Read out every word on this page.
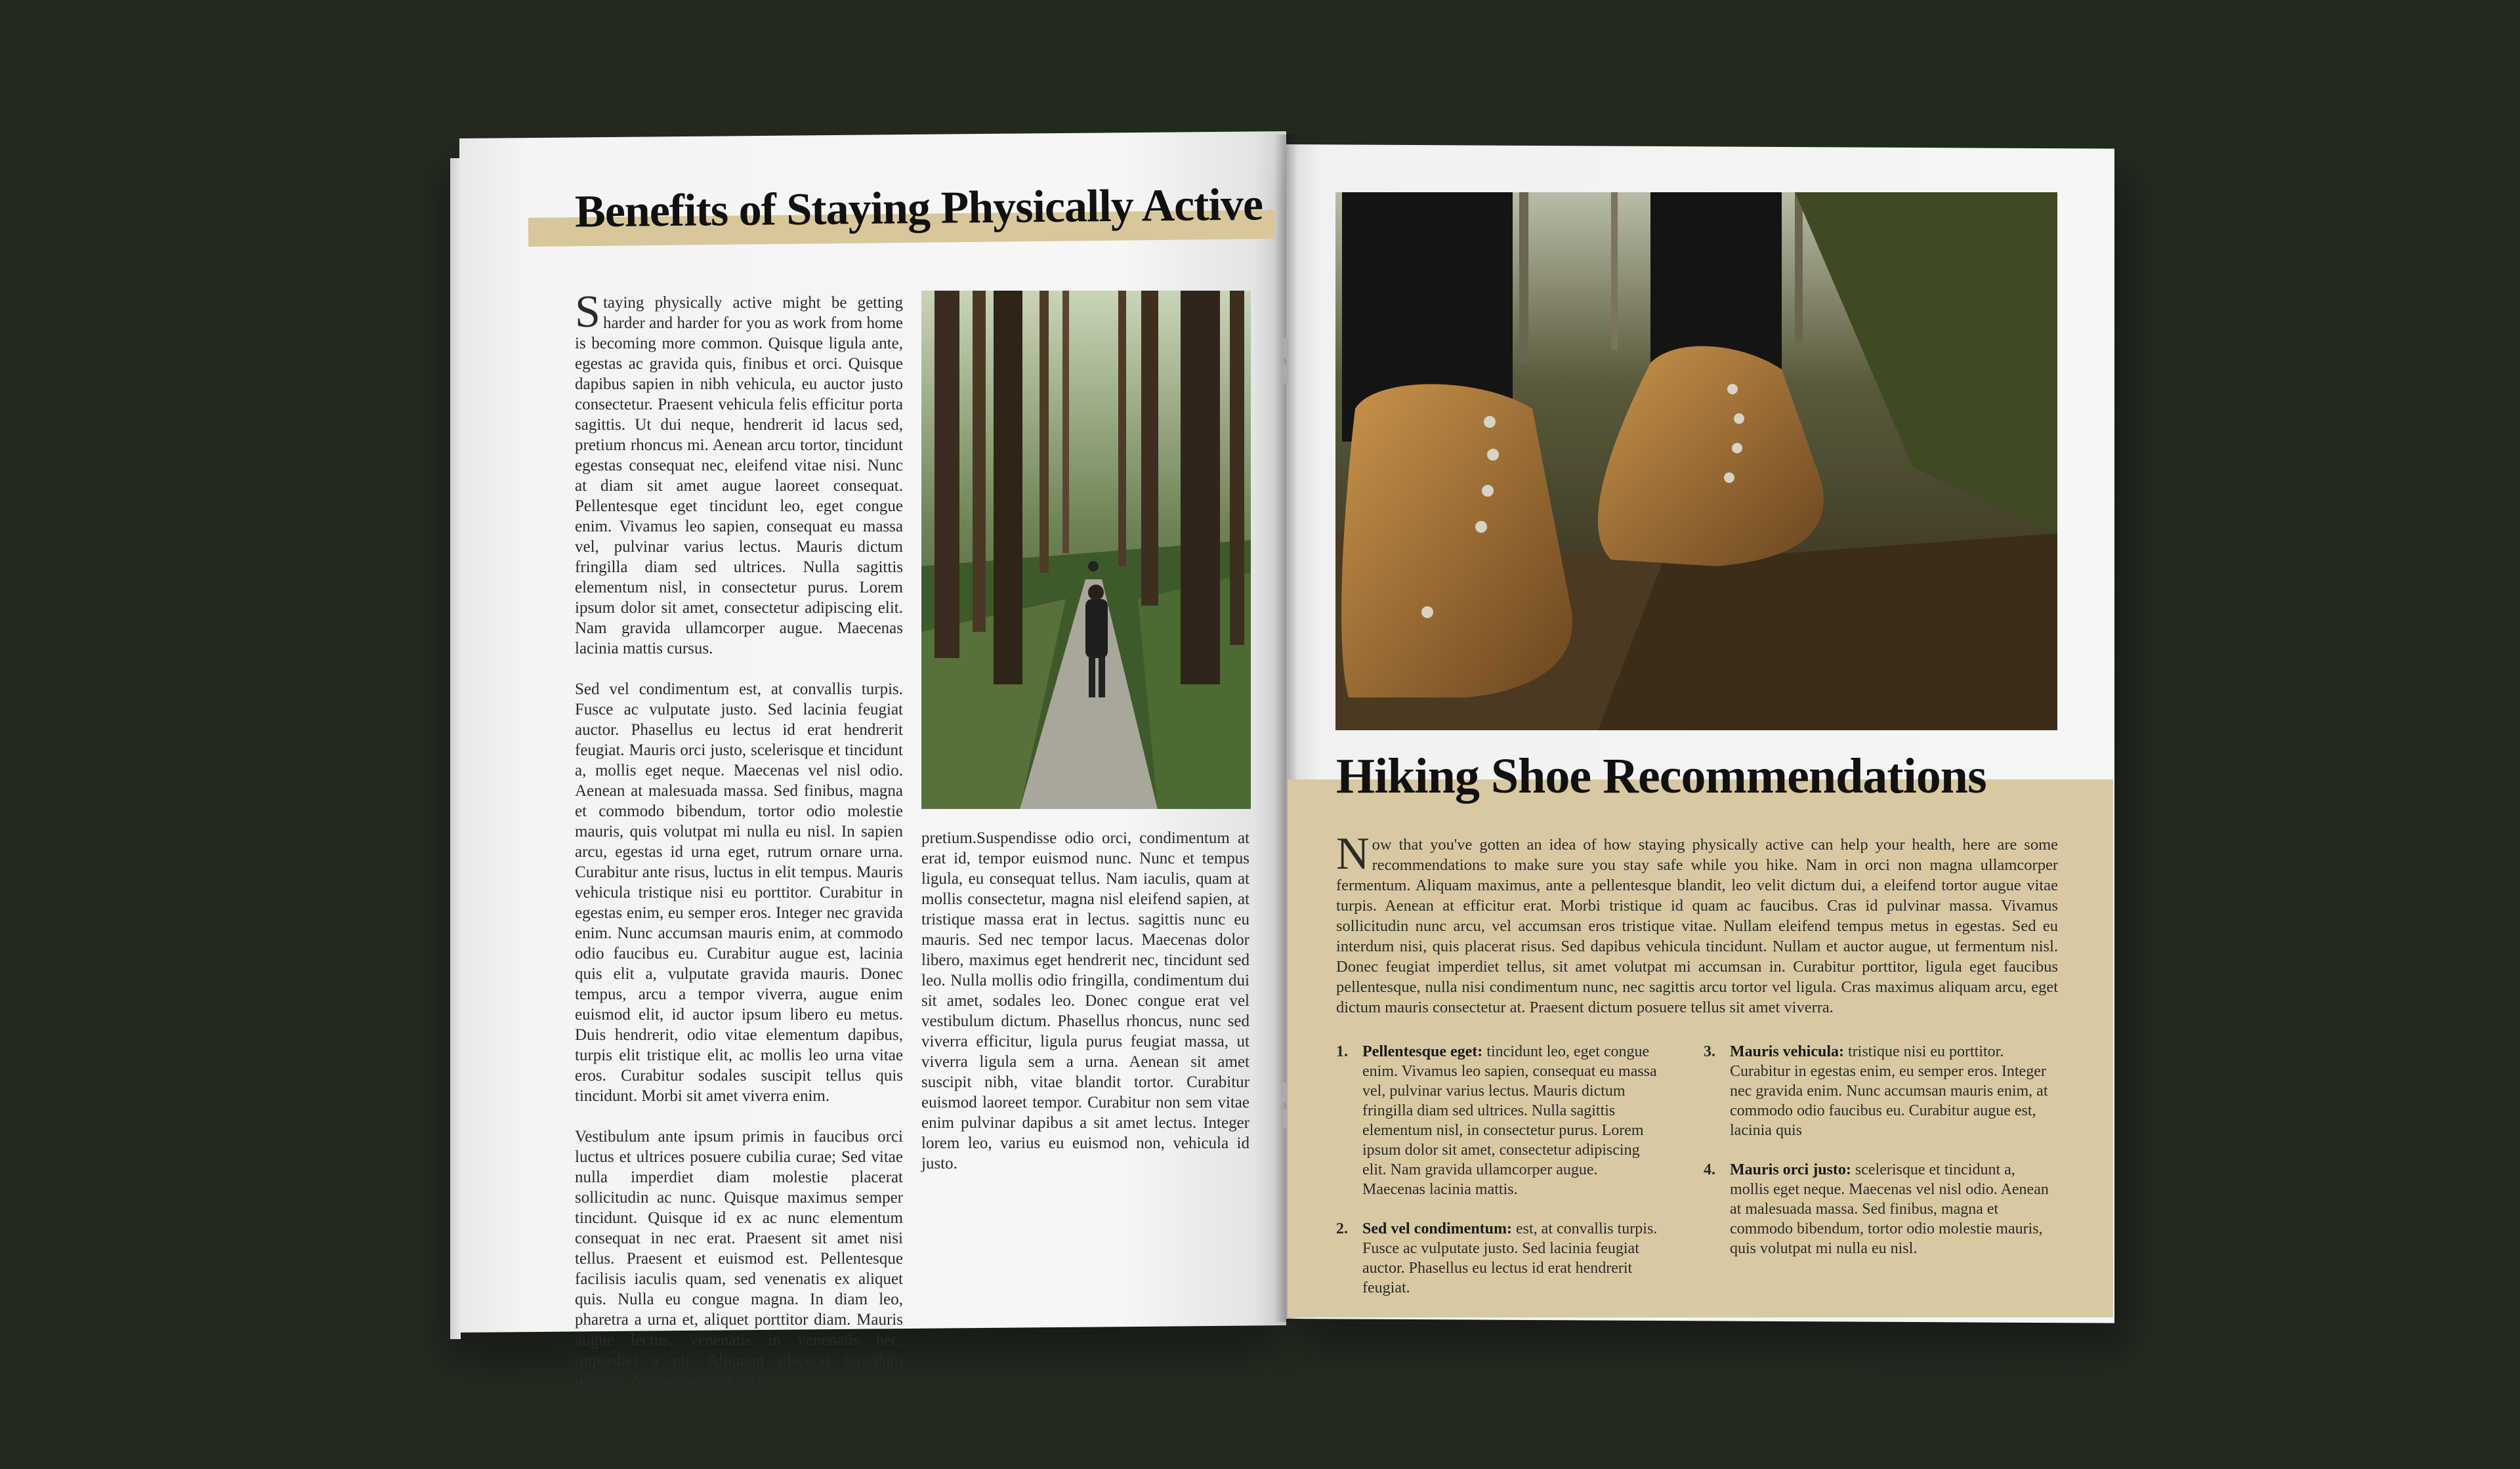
Benefits of Staying Physically Active

Staying physically active might be getting harder and harder for you as work from home is becoming more common. Quisque ligula ante, egestas ac gravida quis, finibus et orci. Quisque dapibus sapien in nibh vehicula, eu auctor justo consectetur. Praesent vehicula felis efficitur porta sagittis. Ut dui neque, hendrerit id lacus sed, pretium rhoncus mi. Aenean arcu tortor, tincidunt egestas consequat nec, eleifend vitae nisi. Nunc at diam sit amet augue laoreet consequat. Pellentesque eget tincidunt leo, eget congue enim. Vivamus leo sapien, consequat eu massa vel, pulvinar varius lectus. Mauris dictum fringilla diam sed ultrices. Nulla sagittis elementum nisl, in consectetur purus. Lorem ipsum dolor sit amet, consectetur adipiscing elit. Nam gravida ullamcorper augue. Maecenas lacinia mattis cursus.

Sed vel condimentum est, at convallis turpis. Fusce ac vulputate justo. Sed lacinia feugiat auctor. Phasellus eu lectus id erat hendrerit feugiat. Mauris orci justo, scelerisque et tincidunt a, mollis eget neque. Maecenas vel nisl odio. Aenean at malesuada massa. Sed finibus, magna et commodo bibendum, tortor odio molestie mauris, quis volutpat mi nulla eu nisl. In sapien arcu, egestas id urna eget, rutrum ornare urna. Curabitur ante risus, luctus in elit tempus. Mauris vehicula tristique nisi eu porttitor. Curabitur in egestas enim, eu semper eros. Integer nec gravida enim. Nunc accumsan mauris enim, at commodo odio faucibus eu. Curabitur augue est, lacinia quis elit a, vulputate gravida mauris. Donec tempus, arcu a tempor viverra, augue enim euismod elit, id auctor ipsum libero eu metus. Duis hendrerit, odio vitae elementum dapibus, turpis elit tristique elit, ac mollis leo urna vitae eros. Curabitur sodales suscipit tellus quis tincidunt. Morbi sit amet viverra enim.

Vestibulum ante ipsum primis in faucibus orci luctus et ultrices posuere cubilia curae; Sed vitae nulla imperdiet diam molestie placerat sollicitudin ac nunc. Quisque maximus semper tincidunt. Quisque id ex ac nunc elementum consequat in nec erat. Praesent sit amet nisi tellus. Praesent et euismod est. Pellentesque facilisis iaculis quam, sed venenatis ex aliquet quis. Nulla eu congue magna. In diam leo, pharetra a urna et, aliquet porttitor diam. Mauris augue lectus, venenatis in venenatis nec, imperdiet a mi. Aliquam placerat interdum ultrices. Aenean semper varius

pretium.Suspendisse odio orci, condimentum at erat id, tempor euismod nunc. Nunc et tempus ligula, eu consequat tellus. Nam iaculis, quam at mollis consectetur, magna nisl eleifend sapien, at tristique massa erat in lectus. sagittis nunc eu mauris. Sed nec tempor lacus. Maecenas dolor libero, maximus eget hendrerit nec, tincidunt sed leo. Nulla mollis odio fringilla, condimentum dui sit amet, sodales leo. Donec congue erat vel vestibulum dictum. Phasellus rhoncus, nunc sed viverra efficitur, ligula purus feugiat massa, ut viverra ligula sem a urna. Aenean sit amet suscipit nibh, vitae blandit tortor. Curabitur euismod laoreet tempor. Curabitur non sem vitae enim pulvinar dapibus a sit amet lectus. Integer lorem leo, varius eu euismod non, vehicula id justo.
Hiking Shoe Recommendations

Now that you've gotten an idea of how staying physically active can help your health, here are some recommendations to make sure you stay safe while you hike. Nam in orci non magna ullamcorper fermentum. Aliquam maximus, ante a pellentesque blandit, leo velit dictum dui, a eleifend tortor augue vitae turpis. Aenean at efficitur erat. Morbi tristique id quam ac faucibus. Cras id pulvinar massa. Vivamus sollicitudin nunc arcu, vel accumsan eros tristique vitae. Nullam eleifend tempus metus in egestas. Sed eu interdum nisi, quis placerat risus. Sed dapibus vehicula tincidunt. Nullam et auctor augue, ut fermentum nisl. Donec feugiat imperdiet tellus, sit amet volutpat mi accumsan in. Curabitur porttitor, ligula eget faucibus pellentesque, nulla nisi condimentum nunc, nec sagittis arcu tortor vel ligula. Cras maximus aliquam arcu, eget dictum mauris consectetur at. Praesent dictum posuere tellus sit amet viverra.

1. Pellentesque eget: tincidunt leo, eget congue enim. Vivamus leo sapien, consequat eu massa vel, pulvinar varius lectus. Mauris dictum fringilla diam sed ultrices. Nulla sagittis elementum nisl, in consectetur purus. Lorem ipsum dolor sit amet, consectetur adipiscing elit. Nam gravida ullamcorper augue. Maecenas lacinia mattis.
2. Sed vel condimentum: est, at convallis turpis. Fusce ac vulputate justo. Sed lacinia feugiat auctor. Phasellus eu lectus id erat hendrerit feugiat.
3. Mauris vehicula: tristique nisi eu porttitor. Curabitur in egestas enim, eu semper eros. Integer nec gravida enim. Nunc accumsan mauris enim, at commodo odio faucibus eu. Curabitur augue est, lacinia quis
4. Mauris orci justo: scelerisque et tincidunt a, mollis eget neque. Maecenas vel nisl odio. Aenean at malesuada massa. Sed finibus, magna et commodo bibendum, tortor odio molestie mauris, quis volutpat mi nulla eu nisl.
